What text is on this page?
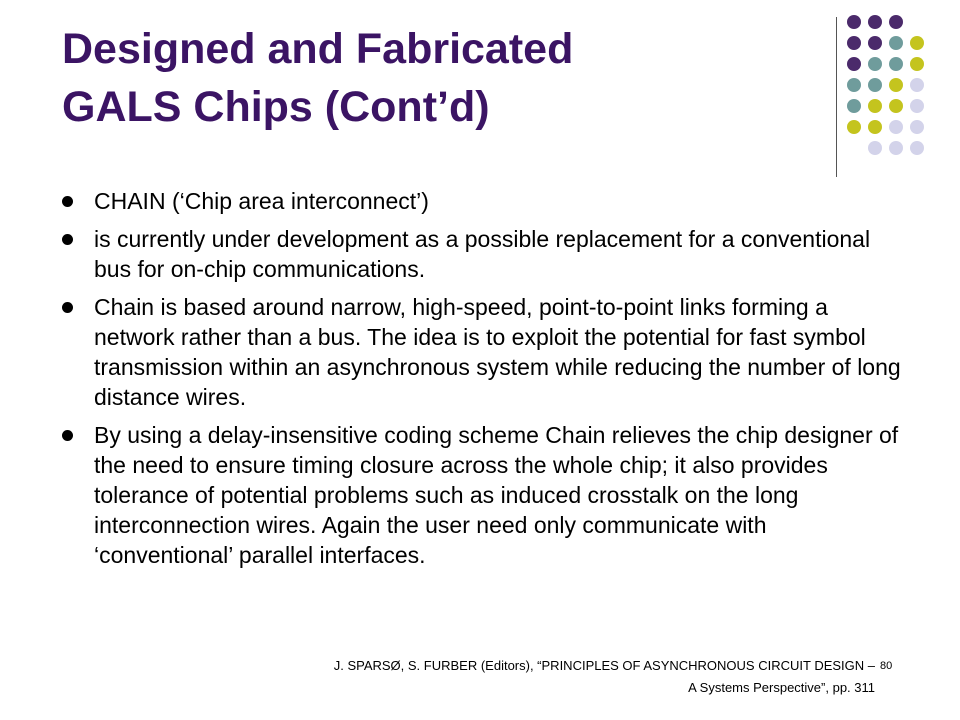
Designed and Fabricated
GALS Chips (Cont’d)
CHAIN (‘Chip area interconnect’)
is currently under development as a possible replacement for a conventional bus for on-chip communications.
Chain is based around narrow, high-speed, point-to-point links forming a network rather than a bus. The idea is to exploit the potential for fast symbol transmission within an asynchronous system while reducing the number of long distance wires.
By using a delay-insensitive coding scheme Chain relieves the chip designer of the need to ensure timing closure across the whole chip; it also provides tolerance of potential problems such as induced crosstalk on the long interconnection wires. Again the user need only communicate with ‘conventional’ parallel interfaces.
J. SPARSØ, S. FURBER (Editors), “PRINCIPLES OF ASYNCHRONOUS CIRCUIT DESIGN –
A Systems Perspective”, pp. 311
80
